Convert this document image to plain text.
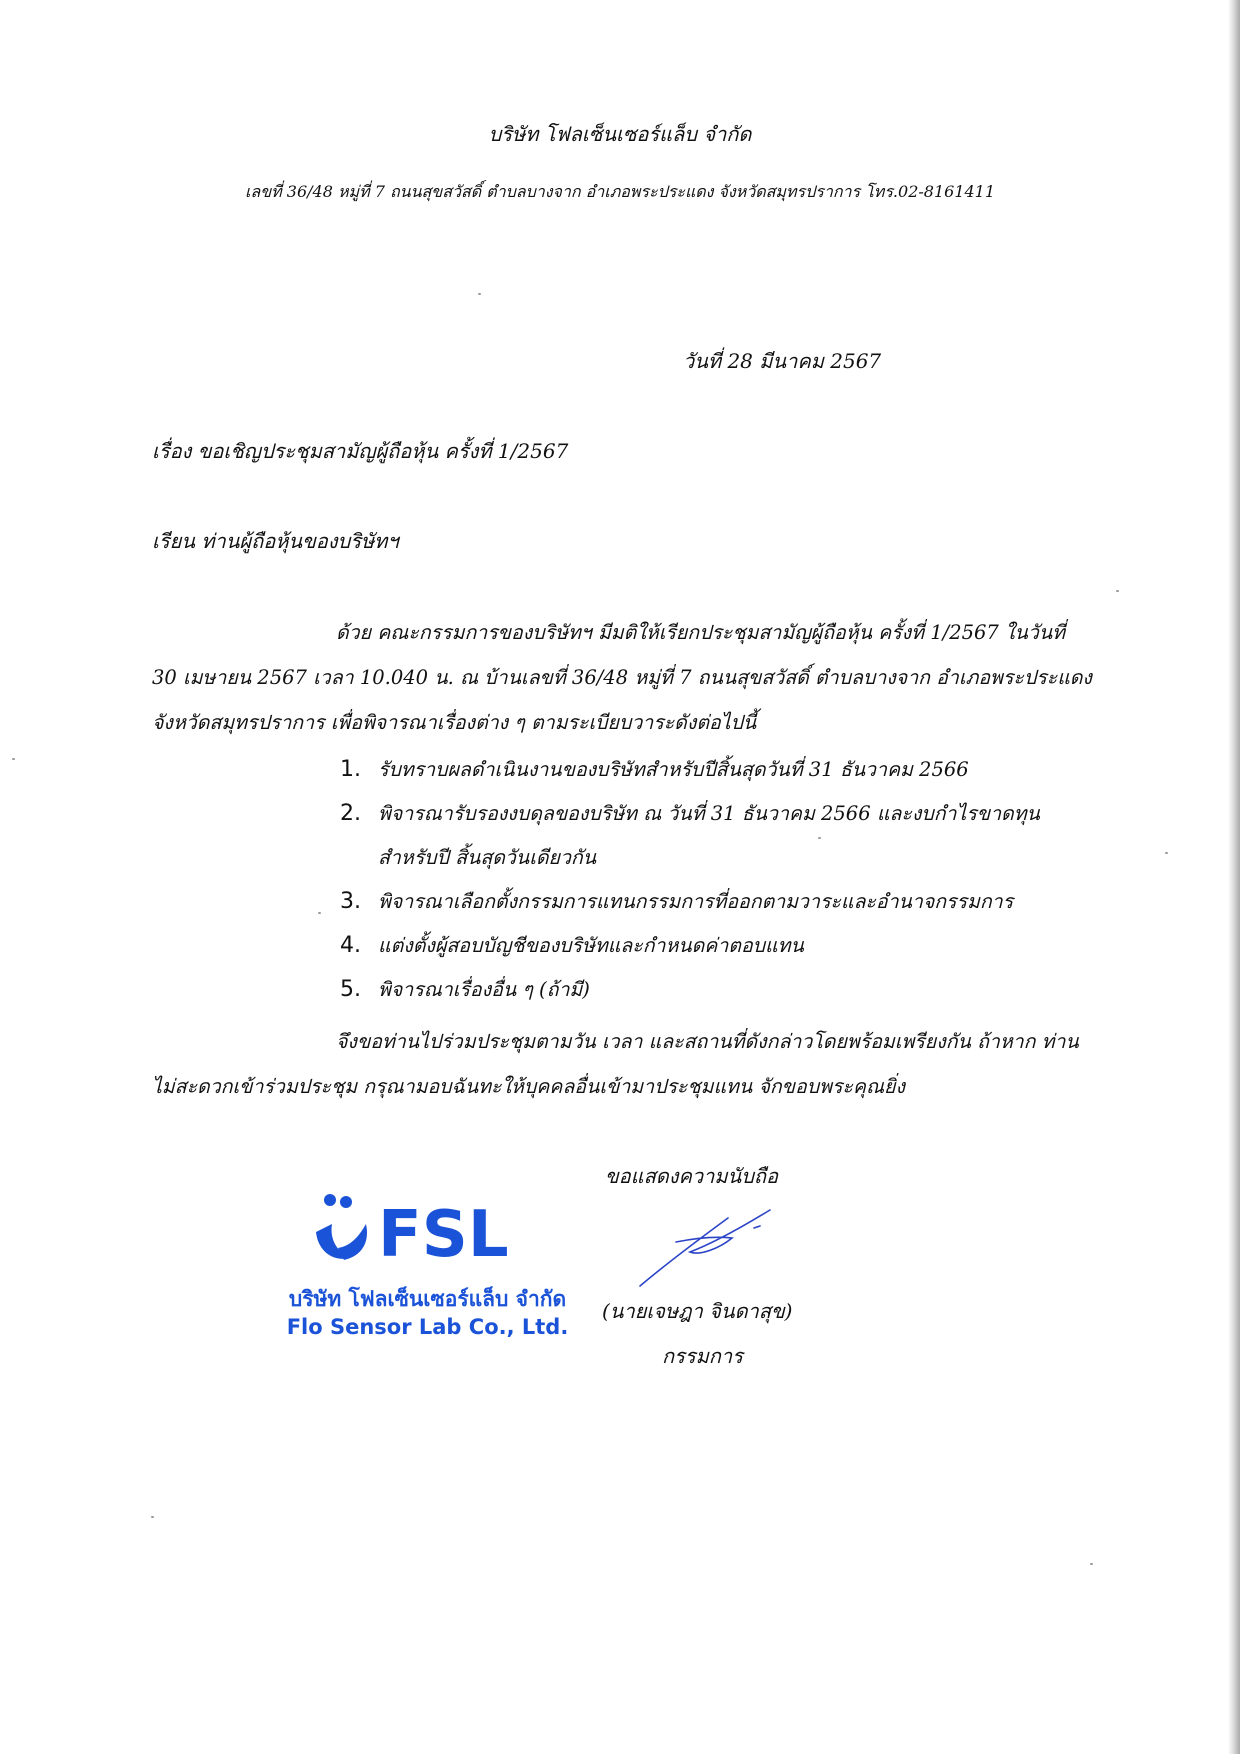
บริษัท โฟลเซ็นเซอร์แล็บ จำกัด
เลขที่ 36/48 หมู่ที่ 7 ถนนสุขสวัสดิ์ ตำบลบางจาก อำเภอพระประแดง จังหวัดสมุทรปราการ โทร.02-8161411
วันที่ 28 มีนาคม 2567
เรื่อง ขอเชิญประชุมสามัญผู้ถือหุ้น ครั้งที่ 1/2567
เรียน ท่านผู้ถือหุ้นของบริษัทฯ
ด้วย คณะกรรมการของบริษัทฯ มีมติให้เรียกประชุมสามัญผู้ถือหุ้น ครั้งที่ 1/2567 ในวันที่ 30 เมษายน 2567 เวลา 10.040 น. ณ บ้านเลขที่ 36/48 หมู่ที่ 7 ถนนสุขสวัสดิ์ ตำบลบางจาก อำเภอพระประแดง จังหวัดสมุทรปราการ เพื่อพิจารณาเรื่องต่าง ๆ ตามระเบียบวาระดังต่อไปนี้
1. รับทราบผลดำเนินงานของบริษัทสำหรับปีสิ้นสุดวันที่ 31 ธันวาคม 2566
2. พิจารณารับรองงบดุลของบริษัท ณ วันที่ 31 ธันวาคม 2566 และงบกำไรขาดทุน สำหรับปี สิ้นสุดวันเดียวกัน
3. พิจารณาเลือกตั้งกรรมการแทนกรรมการที่ออกตามวาระและอำนาจกรรมการ
4. แต่งตั้งผู้สอบบัญชีของบริษัทและกำหนดค่าตอบแทน
5. พิจารณาเรื่องอื่น ๆ (ถ้ามี)
จึงขอท่านไปร่วมประชุมตามวัน เวลา และสถานที่ดังกล่าวโดยพร้อมเพรียงกัน ถ้าหาก ท่านไม่สะดวกเข้าร่วมประชุม กรุณามอบฉันทะให้บุคคลอื่นเข้ามาประชุมแทน จักขอบพระคุณยิ่ง
ขอแสดงความนับถือ
(นายเจษฎา จินดาสุข)
กรรมการ
FSL
บริษัท โฟลเซ็นเซอร์แล็บ จำกัด
Flo Sensor Lab Co., Ltd.
